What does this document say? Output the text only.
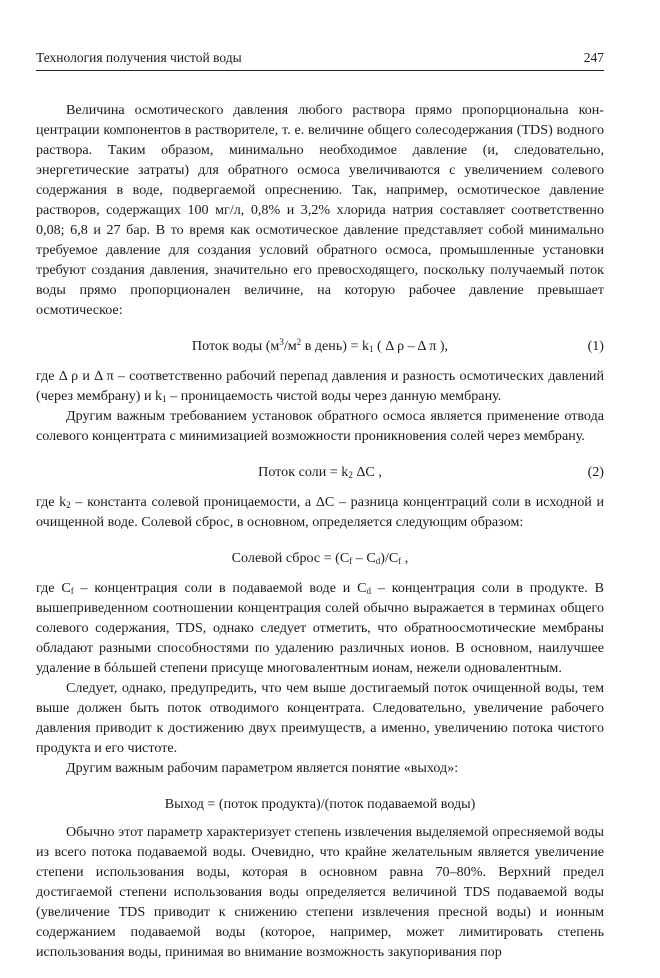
Технология получения чистой воды	247

Величина осмотического давления любого раствора прямо пропорциональна концентрации компонентов в растворителе, т. е. величине общего солесодержания (TDS) водного раствора. Таким образом, минимально необходимое давление (и, следовательно, энергетические затраты) для обратного осмоса увеличиваются с увеличением солевого содержания в воде, подвергаемой опреснению. Так, например, осмотическое давление растворов, содержащих 100 мг/л, 0,8% и 3,2% хлорида натрия составляет соответственно 0,08; 6,8 и 27 бар. В то время как осмотическое давление представляет собой минимально требуемое давление для создания условий обратного осмоса, промышленные установки требуют создания давления, значительно его превосходящего, поскольку получаемый поток воды прямо пропорционален величине, на которую рабочее давление превышает осмотическое:

Поток воды ($м^3/м^2$ в день) = $k_1$ ( Δ ρ – Δ π ),	(1)

где Δ ρ и Δ π – соответственно рабочий перепад давления и разность осмотических давлений (через мембрану) и $k_1$ – проницаемость чистой воды через данную мембрану.

Другим важным требованием установок обратного осмоса является применение отвода солевого концентрата с минимизацией возможности проникновения солей через мембрану.

Поток соли = $k_2$ ΔC ,	(2)

где $k_2$ – константа солевой проницаемости, а ΔC – разница концентраций соли в исходной и очищенной воде. Солевой сброс, в основном, определяется следующим образом:

Солевой сброс = $(C_f - C_d)/C_f$ ,

где $C_f$ – концентрация соли в подаваемой воде и $C_d$ – концентрация соли в продукте. В вышеприведенном соотношении концентрация солей обычно выражается в терминах общего солевого содержания, TDS, однако следует отметить, что обратноосмотические мембраны обладают разными способностями по удалению различных ионов. В основном, наилучшее удаление в бóльшей степени присуще многовалентным ионам, нежели одновалентным.

Следует, однако, предупредить, что чем выше достигаемый поток очищенной воды, тем выше должен быть поток отводимого концентрата. Следовательно, увеличение рабочего давления приводит к достижению двух преимуществ, а именно, увеличению потока чистого продукта и его чистоте.

Другим важным рабочим параметром является понятие «выход»:

Выход = (поток продукта)/(поток подаваемой воды)

Обычно этот параметр характеризует степень извлечения выделяемой опресняемой воды из всего потока подаваемой воды. Очевидно, что крайне желательным является увеличение степени использования воды, которая в основном равна 70–80%. Верхний предел достигаемой степени использования воды определяется величиной TDS подаваемой воды (увеличение TDS приводит к снижению степени извлечения пресной воды) и ионным содержанием подаваемой воды (которое, например, может лимитировать степень использования воды, принимая во внимание возможность закупоривания пор
